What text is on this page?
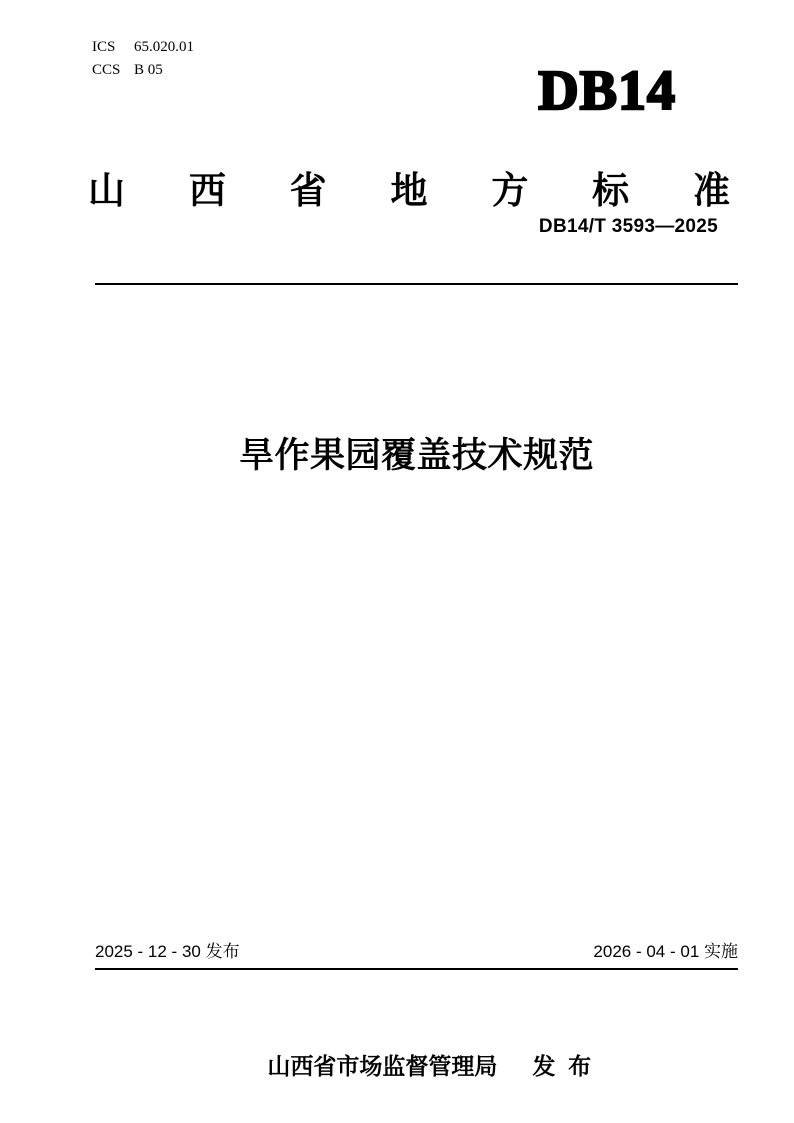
ICS 65.020.01
CCS B 05	DB14
山 西 省 地 方 标 准
DB14/T 3593—2025
旱作果园覆盖技术规范
2025 - 12 - 30 发布	2026 - 04 - 01 实施

山西省市场监督管理局 发  布
